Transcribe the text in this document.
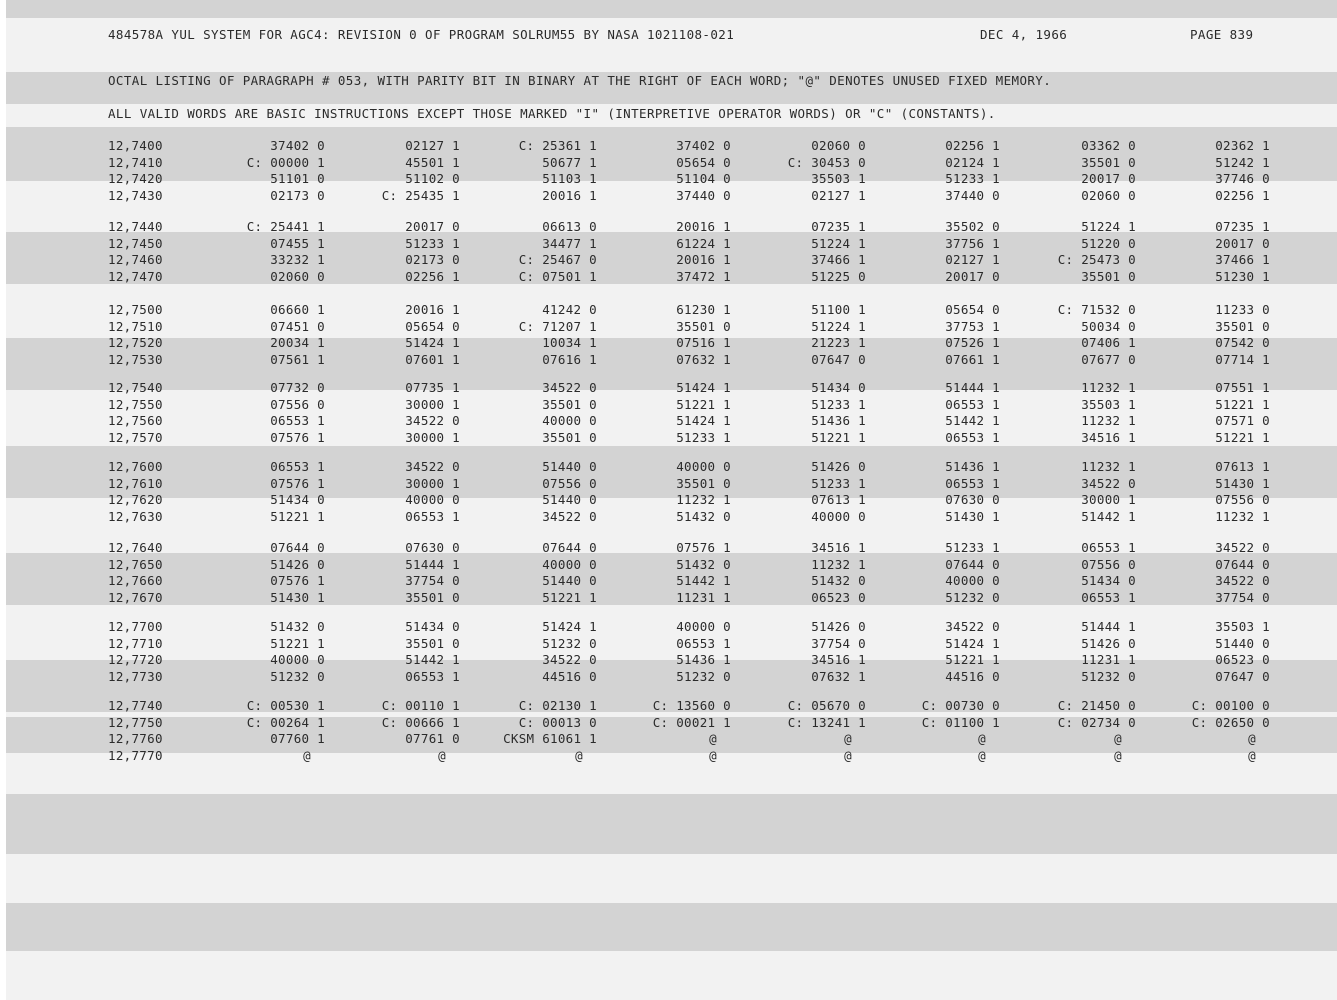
484578A YUL SYSTEM FOR AGC4: REVISION 0 OF PROGRAM SOLRUM55 BY NASA 1021108-021	DEC 4, 1966	PAGE 839
OCTAL LISTING OF PARAGRAPH # 053, WITH PARITY BIT IN BINARY AT THE RIGHT OF EACH WORD; "@" DENOTES UNUSED FIXED MEMORY.
ALL VALID WORDS ARE BASIC INSTRUCTIONS EXCEPT THOSE MARKED "I" (INTERPRETIVE OPERATOR WORDS) OR "C" (CONSTANTS).
12,7400	37402 0	02127 1	C: 25361 1	37402 0	02060 0	02256 1	03362 0	02362 1
12,7410	C: 00000 1	45501 1	50677 1	05654 0	C: 30453 0	02124 1	35501 0	51242 1
12,7420	51101 0	51102 0	51103 1	51104 0	35503 1	51233 1	20017 0	37746 0
12,7430	02173 0	C: 25435 1	20016 1	37440 0	02127 1	37440 0	02060 0	02256 1
12,7440	C: 25441 1	20017 0	06613 0	20016 1	07235 1	35502 0	51224 1	07235 1
12,7450	07455 1	51233 1	34477 1	61224 1	51224 1	37756 1	51220 0	20017 0
12,7460	33232 1	02173 0	C: 25467 0	20016 1	37466 1	02127 1	C: 25473 0	37466 1
12,7470	02060 0	02256 1	C: 07501 1	37472 1	51225 0	20017 0	35501 0	51230 1
12,7500	06660 1	20016 1	41242 0	61230 1	51100 1	05654 0	C: 71532 0	11233 0
12,7510	07451 0	05654 0	C: 71207 1	35501 0	51224 1	37753 1	50034 0	35501 0
12,7520	20034 1	51424 1	10034 1	07516 1	21223 1	07526 1	07406 1	07542 0
12,7530	07561 1	07601 1	07616 1	07632 1	07647 0	07661 1	07677 0	07714 1
12,7540	07732 0	07735 1	34522 0	51424 1	51434 0	51444 1	11232 1	07551 1
12,7550	07556 0	30000 1	35501 0	51221 1	51233 1	06553 1	35503 1	51221 1
12,7560	06553 1	34522 0	40000 0	51424 1	51436 1	51442 1	11232 1	07571 0
12,7570	07576 1	30000 1	35501 0	51233 1	51221 1	06553 1	34516 1	51221 1
12,7600	06553 1	34522 0	51440 0	40000 0	51426 0	51436 1	11232 1	07613 1
12,7610	07576 1	30000 1	07556 0	35501 0	51233 1	06553 1	34522 0	51430 1
12,7620	51434 0	40000 0	51440 0	11232 1	07613 1	07630 0	30000 1	07556 0
12,7630	51221 1	06553 1	34522 0	51432 0	40000 0	51430 1	51442 1	11232 1
12,7640	07644 0	07630 0	07644 0	07576 1	34516 1	51233 1	06553 1	34522 0
12,7650	51426 0	51444 1	40000 0	51432 0	11232 1	07644 0	07556 0	07644 0
12,7660	07576 1	37754 0	51440 0	51442 1	51432 0	40000 0	51434 0	34522 0
12,7670	51430 1	35501 0	51221 1	11231 1	06523 0	51232 0	06553 1	37754 0
12,7700	51432 0	51434 0	51424 1	40000 0	51426 0	34522 0	51444 1	35503 1
12,7710	51221 1	35501 0	51232 0	06553 1	37754 0	51424 1	51426 0	51440 0
12,7720	40000 0	51442 1	34522 0	51436 1	34516 1	51221 1	11231 1	06523 0
12,7730	51232 0	06553 1	44516 0	51232 0	07632 1	44516 0	51232 0	07647 0
12,7740	C: 00530 1	C: 00110 1	C: 02130 1	C: 13560 0	C: 05670 0	C: 00730 0	C: 21450 0	C: 00100 0
12,7750	C: 00264 1	C: 00666 1	C: 00013 0	C: 00021 1	C: 13241 1	C: 01100 1	C: 02734 0	C: 02650 0
12,7760	07760 1	07761 0	CKSM 61061 1	@	@	@	@	@
12,7770	@	@	@	@	@	@	@	@
